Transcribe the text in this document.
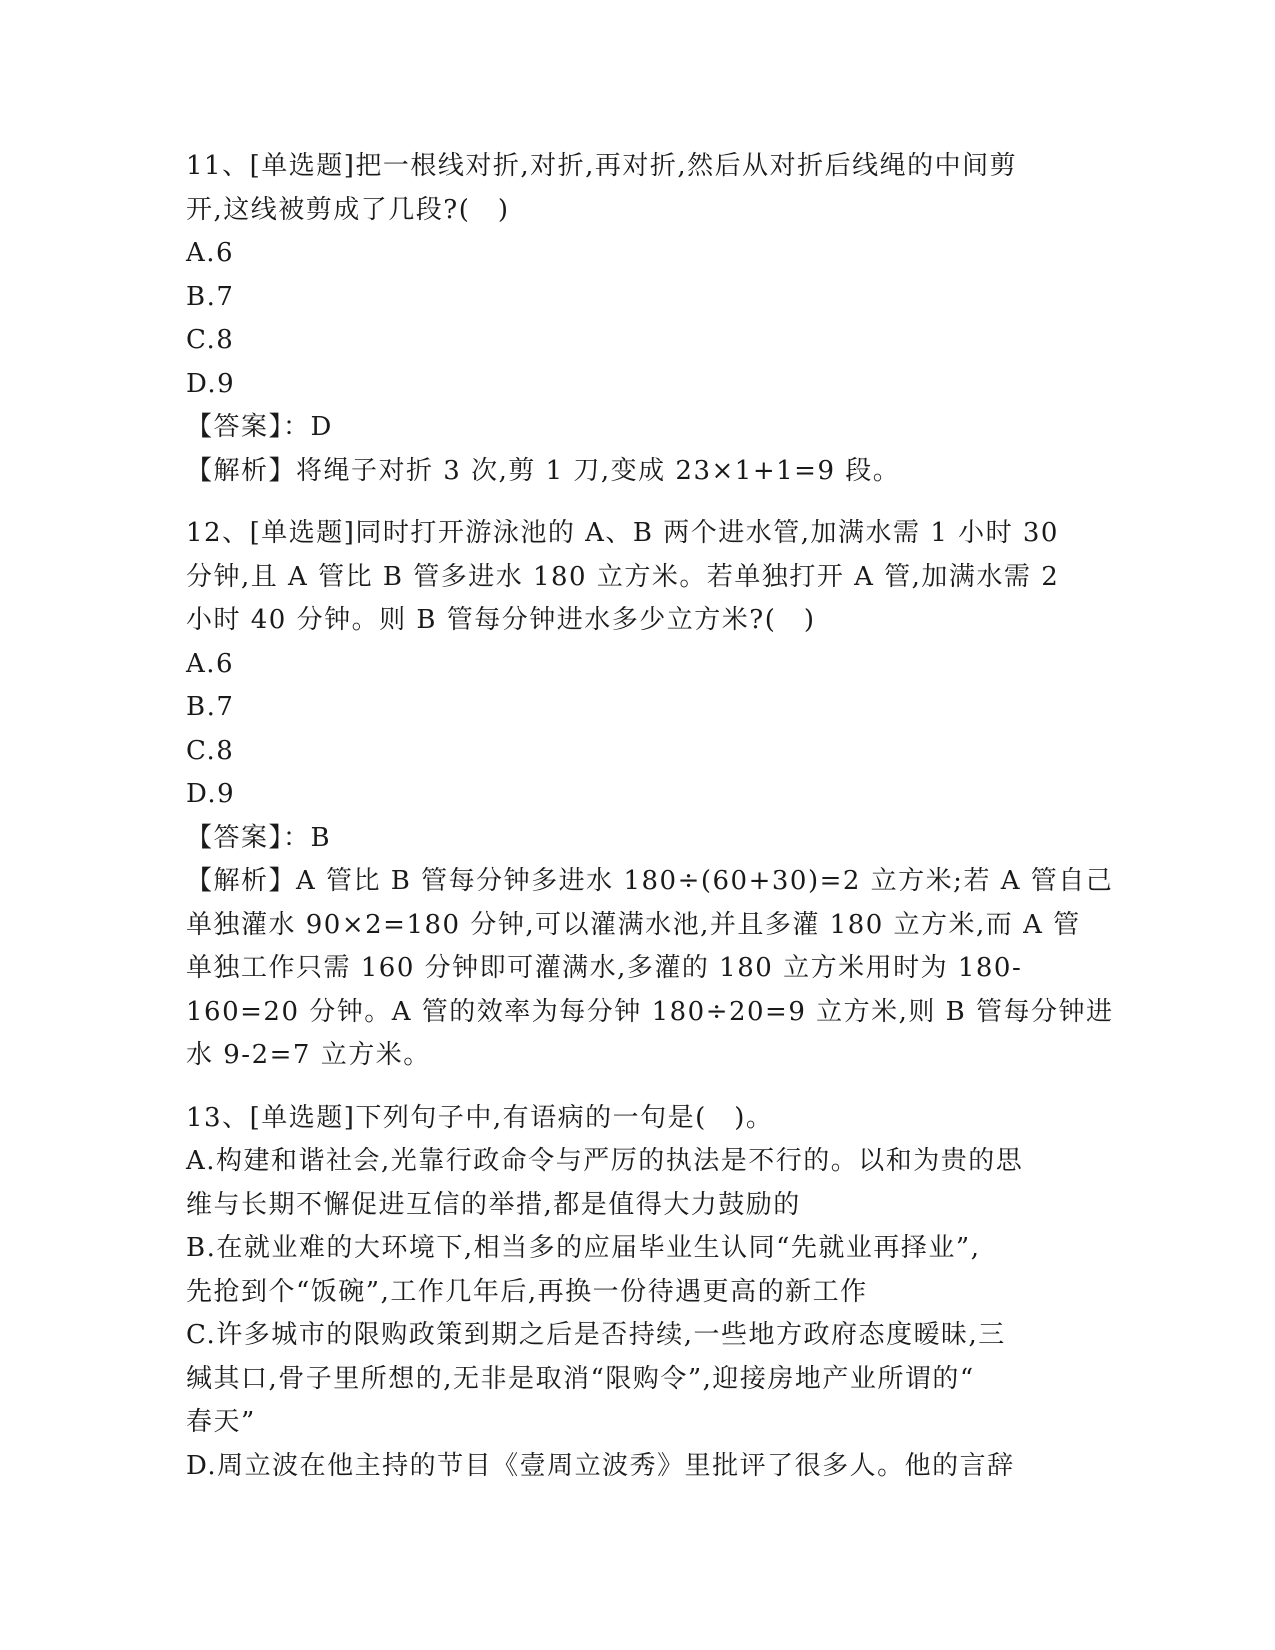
11、[单选题]把一根线对折,对折,再对折,然后从对折后线绳的中间剪
开,这线被剪成了几段?(　)
A.6
B.7
C.8
D.9
【答案】：D
【解析】将绳子对折 3 次,剪 1 刀,变成 23×1+1=9 段。
12、[单选题]同时打开游泳池的 A、B 两个进水管,加满水需 1 小时 30
分钟,且 A 管比 B 管多进水 180 立方米。若单独打开 A 管,加满水需 2
小时 40 分钟。则 B 管每分钟进水多少立方米?(　)
A.6
B.7
C.8
D.9
【答案】：B
【解析】A 管比 B 管每分钟多进水 180÷(60+30)=2 立方米;若 A 管自己
单独灌水 90×2=180 分钟,可以灌满水池,并且多灌 180 立方米,而 A 管
单独工作只需 160 分钟即可灌满水,多灌的 180 立方米用时为 180-
160=20 分钟。A 管的效率为每分钟 180÷20=9 立方米,则 B 管每分钟进
水 9-2=7 立方米。
13、[单选题]下列句子中,有语病的一句是(　)。
A.构建和谐社会,光靠行政命令与严厉的执法是不行的。以和为贵的思
维与长期不懈促进互信的举措,都是值得大力鼓励的
B.在就业难的大环境下,相当多的应届毕业生认同“先就业再择业”,
先抢到个“饭碗”,工作几年后,再换一份待遇更高的新工作
C.许多城市的限购政策到期之后是否持续,一些地方政府态度暧昧,三
缄其口,骨子里所想的,无非是取消“限购令”,迎接房地产业所谓的“
春天”
D.周立波在他主持的节目《壹周立波秀》里批评了很多人。他的言辞
